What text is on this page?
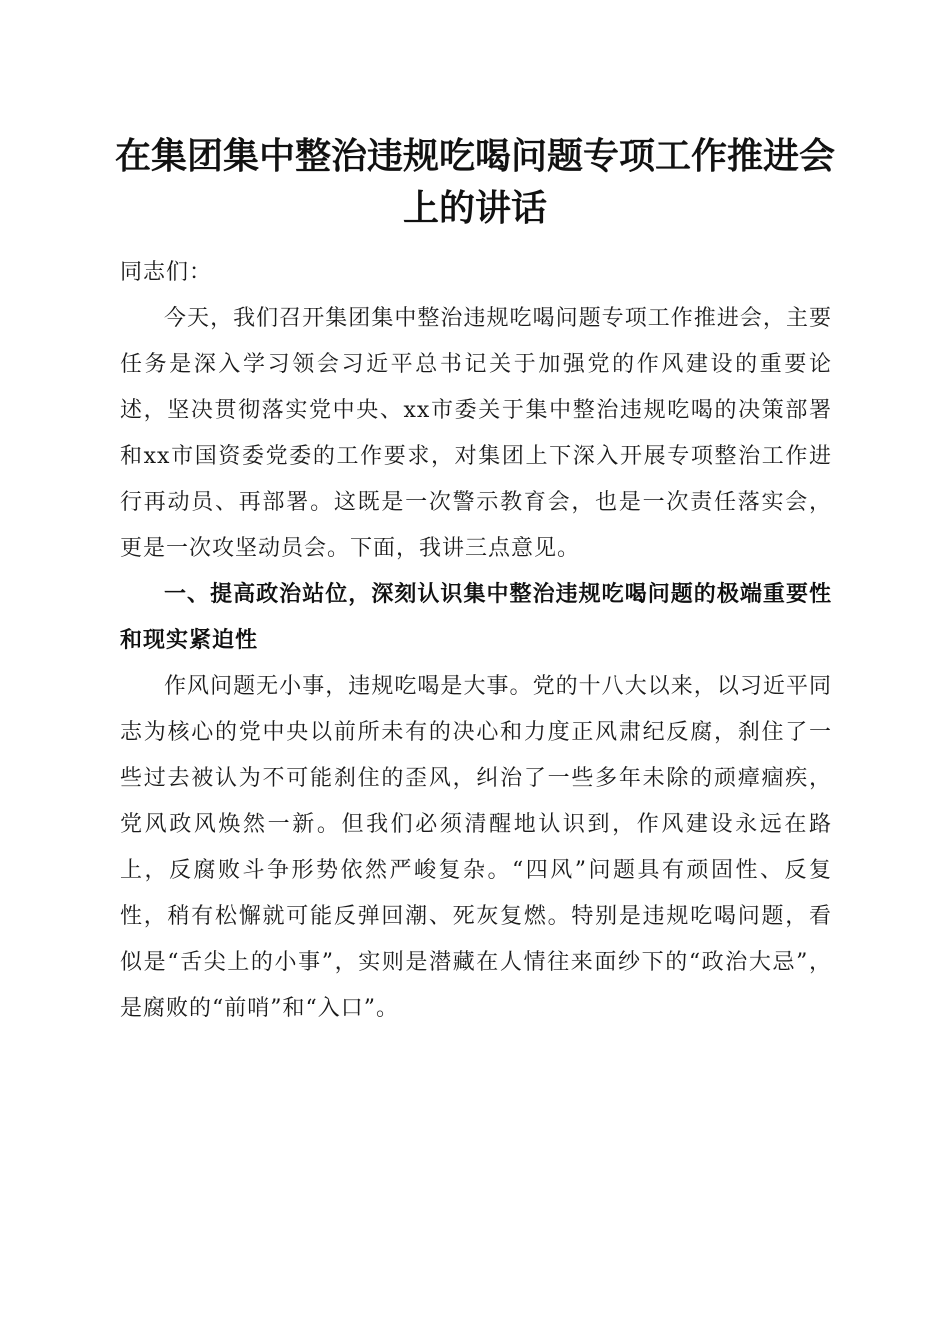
在集团集中整治违规吃喝问题专项工作推进会上的讲话

同志们：

今天，我们召开集团集中整治违规吃喝问题专项工作推进会，主要任务是深入学习领会习近平总书记关于加强党的作风建设的重要论述，坚决贯彻落实党中央、xx市委关于集中整治违规吃喝的决策部署和xx市国资委党委的工作要求，对集团上下深入开展专项整治工作进行再动员、再部署。这既是一次警示教育会，也是一次责任落实会，更是一次攻坚动员会。下面，我讲三点意见。

一、提高政治站位，深刻认识集中整治违规吃喝问题的极端重要性和现实紧迫性

作风问题无小事，违规吃喝是大事。党的十八大以来，以习近平同志为核心的党中央以前所未有的决心和力度正风肃纪反腐，刹住了一些过去被认为不可能刹住的歪风，纠治了一些多年未除的顽瘴痼疾，党风政风焕然一新。但我们必须清醒地认识到，作风建设永远在路上，反腐败斗争形势依然严峻复杂。“四风”问题具有顽固性、反复性，稍有松懈就可能反弹回潮、死灰复燃。特别是违规吃喝问题，看似是“舌尖上的小事”，实则是潜藏在人情往来面纱下的“政治大忌”，是腐败的“前哨”和“入口”。
